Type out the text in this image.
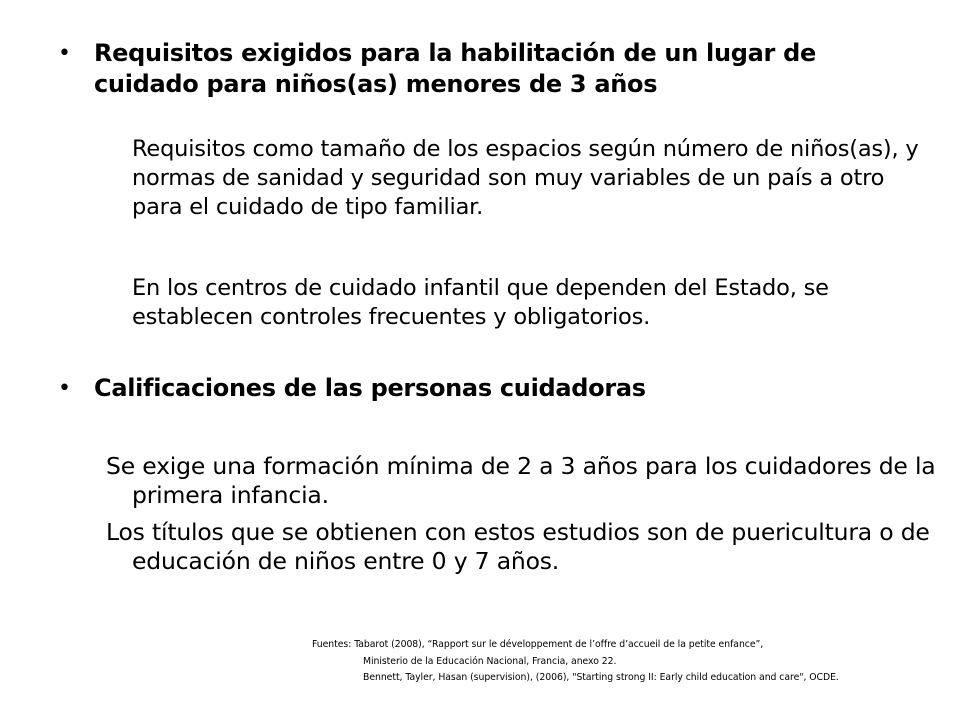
• Requisitos exigidos para la habilitación de un lugar de cuidado para niños(as) menores de 3 años
Requisitos como tamaño de los espacios según número de niños(as), y normas de sanidad y seguridad son muy variables de un país a otro para el cuidado de tipo familiar.
En los centros de cuidado infantil que dependen del Estado, se establecen controles frecuentes y obligatorios.
• Calificaciones de las personas cuidadoras
Se exige una formación mínima de 2 a 3 años para los cuidadores de la primera infancia.
Los títulos que se obtienen con estos estudios son de puericultura o de educación de niños entre 0 y 7 años.
Fuentes: Tabarot (2008), “Rapport sur le développement de l’offre d’accueil de la petite enfance”,
Ministerio de la Educación Nacional, Francia, anexo 22.
Bennett, Tayler, Hasan (supervision), (2006), "Starting strong II: Early child education and care", OCDE.
